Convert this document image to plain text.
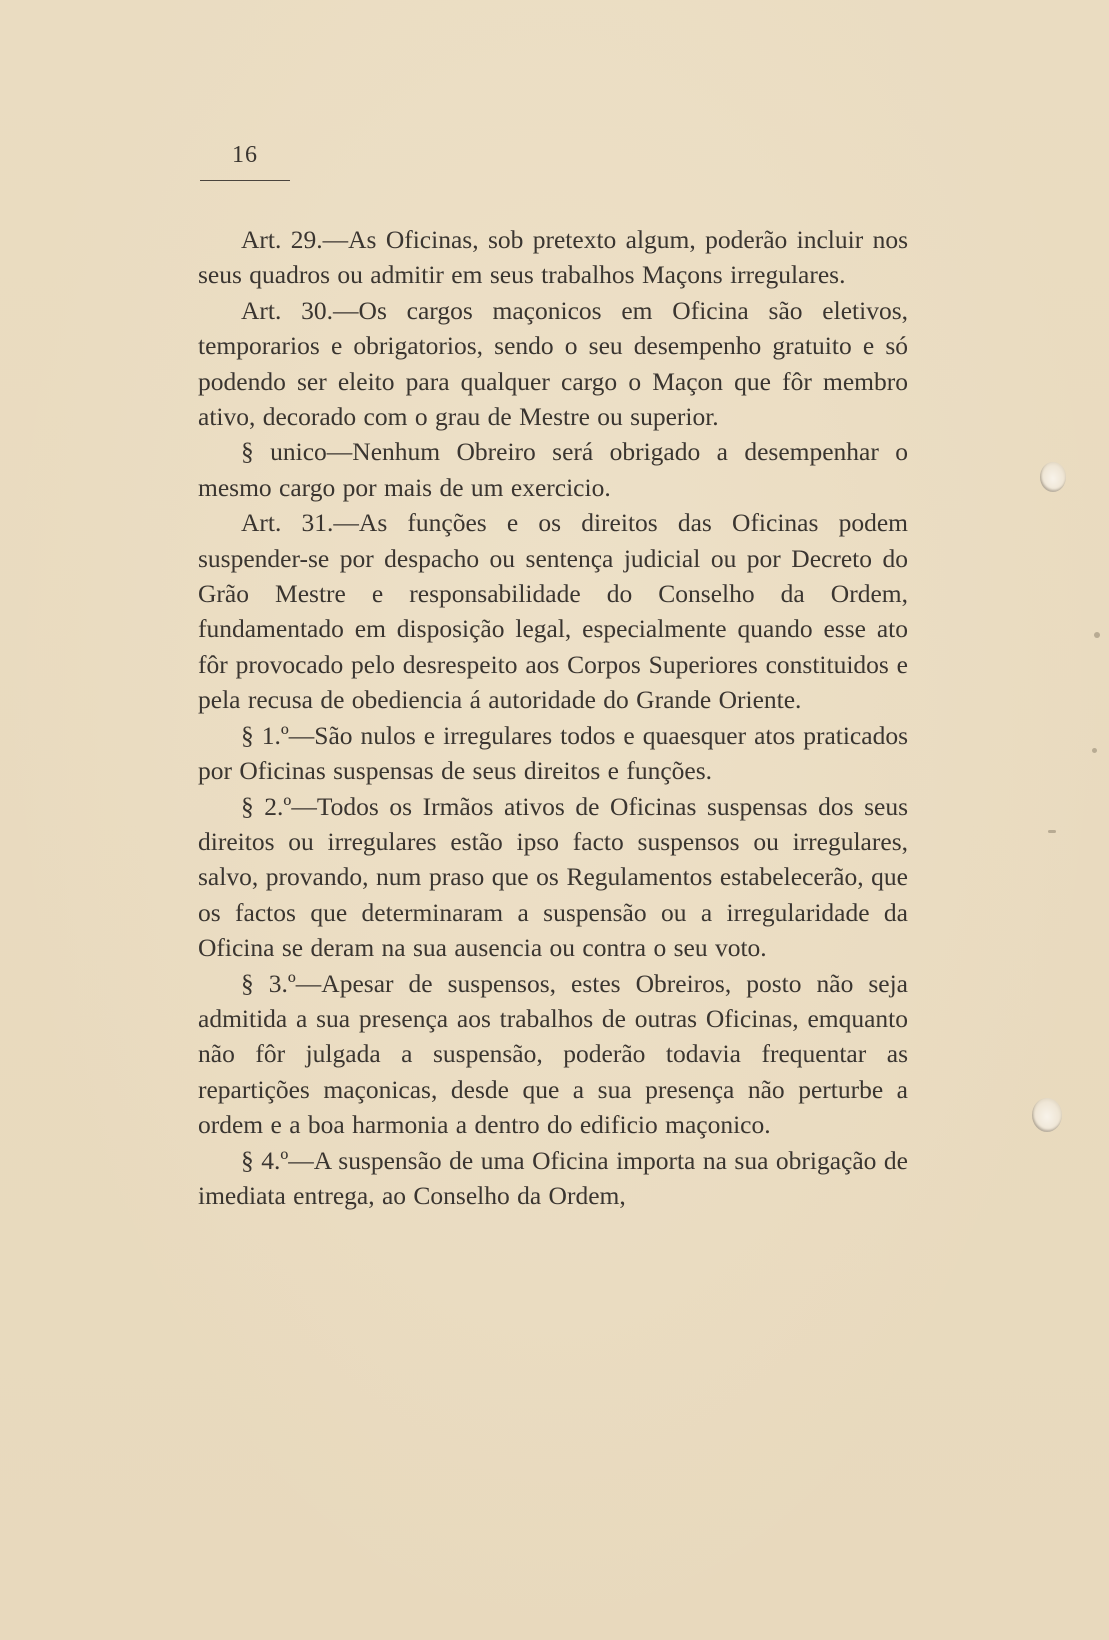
16

Art. 29.—As Oficinas, sob pretexto algum, poderão incluir nos seus quadros ou admitir em seus trabalhos Maçons irregulares.

Art. 30.—Os cargos maçonicos em Oficina são eletivos, temporarios e obrigatorios, sendo o seu desempenho gratuito e só podendo ser eleito para qualquer cargo o Maçon que fôr membro ativo, decorado com o grau de Mestre ou superior.

§ unico—Nenhum Obreiro será obrigado a desempenhar o mesmo cargo por mais de um exercicio.

Art. 31.—As funções e os direitos das Oficinas podem suspender-se por despacho ou sentença judicial ou por Decreto do Grão Mestre e responsabilidade do Conselho da Ordem, fundamentado em disposição legal, especialmente quando esse ato fôr provocado pelo desrespeito aos Corpos Superiores constituidos e pela recusa de obediencia á autoridade do Grande Oriente.

§ 1.º—São nulos e irregulares todos e quaesquer atos praticados por Oficinas suspensas de seus direitos e funções.

§ 2.º—Todos os Irmãos ativos de Oficinas suspensas dos seus direitos ou irregulares estão ipso facto suspensos ou irregulares, salvo, provando, num praso que os Regulamentos estabelecerão, que os factos que determinaram a suspensão ou a irregularidade da Oficina se deram na sua ausencia ou contra o seu voto.

§ 3.º—Apesar de suspensos, estes Obreiros, posto não seja admitida a sua presença aos trabalhos de outras Oficinas, emquanto não fôr julgada a suspensão, poderão todavia frequentar as repartições maçonicas, desde que a sua presença não perturbe a ordem e a boa harmonia a dentro do edificio maçonico.

§ 4.º—A suspensão de uma Oficina importa na sua obrigação de imediata entrega, ao Conselho da Ordem,
